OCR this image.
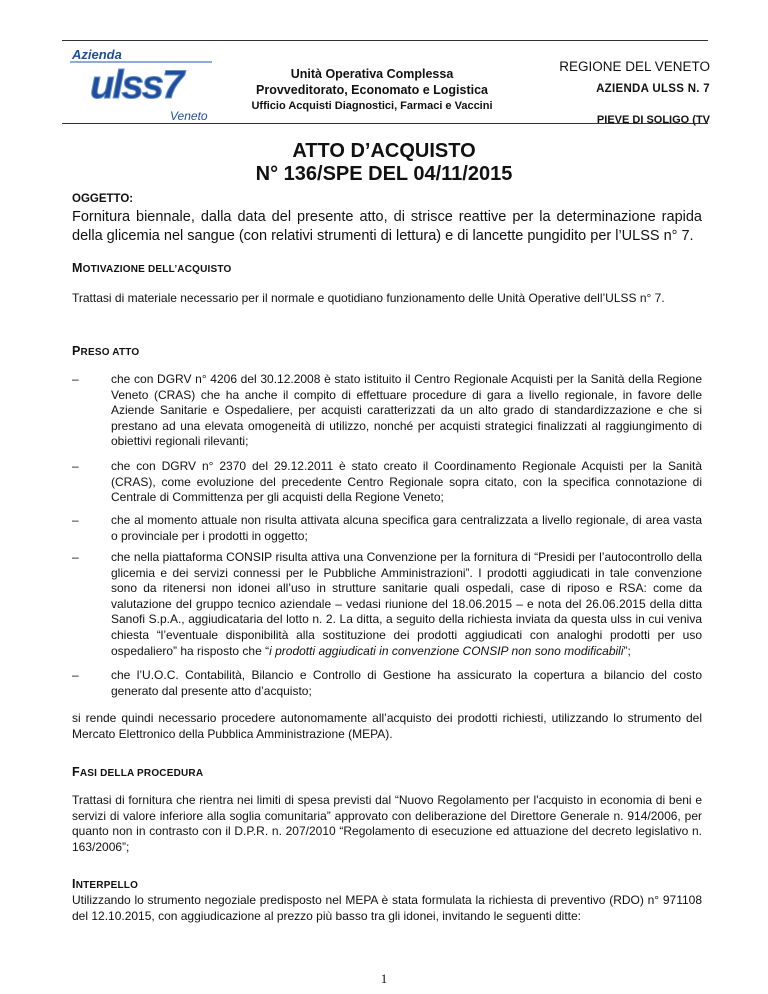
Azienda
ulss7
Veneto
Unità Operativa Complessa
Provveditorato, Economato e Logistica
Ufficio Acquisti Diagnostici, Farmaci e Vaccini
REGIONE DEL VENETO
AZIENDA ULSS N. 7
PIEVE DI SOLIGO (TV
ATTO D’ACQUISTO
N° 136/SPE DEL 04/11/2015
OGGETTO:
Fornitura biennale, dalla data del presente atto, di strisce reattive per la determinazione rapida della glicemia nel sangue (con relativi strumenti di lettura) e di lancette pungidito per l’ULSS n° 7.
MOTIVAZIONE DELL’ACQUISTO
Trattasi di materiale necessario per il normale e quotidiano funzionamento delle Unità Operative dell’ULSS n° 7.
PRESO ATTO
–	che con DGRV n° 4206 del 30.12.2008 è stato istituito il Centro Regionale Acquisti per la Sanità della Regione Veneto (CRAS) che ha anche il compito di effettuare procedure di gara a livello regionale, in favore delle Aziende Sanitarie e Ospedaliere, per acquisti caratterizzati da un alto grado di standardizzazione e che si prestano ad una elevata omogeneità di utilizzo, nonché per acquisti strategici finalizzati al raggiungimento di obiettivi regionali rilevanti;
–	che con DGRV n° 2370 del 29.12.2011 è stato creato il Coordinamento Regionale Acquisti per la Sanità (CRAS), come evoluzione del precedente Centro Regionale sopra citato, con la specifica connotazione di Centrale di Committenza per gli acquisti della Regione Veneto;
–	che al momento attuale non risulta attivata alcuna specifica gara centralizzata a livello regionale, di area vasta o provinciale per i prodotti in oggetto;
–	che nella piattaforma CONSIP risulta attiva una Convenzione per la fornitura di “Presidi per l’autocontrollo della glicemia e dei servizi connessi per le Pubbliche Amministrazioni”. I prodotti aggiudicati in tale convenzione sono da ritenersi non idonei all’uso in strutture sanitarie quali ospedali, case di riposo e RSA: come da valutazione del gruppo tecnico aziendale – vedasi riunione del 18.06.2015 – e nota del 26.06.2015 della ditta Sanofi S.p.A., aggiudicataria del lotto n. 2. La ditta, a seguito della richiesta inviata da questa ulss in cui veniva chiesta “l’eventuale disponibilità alla sostituzione dei prodotti aggiudicati con analoghi prodotti per uso ospedaliero” ha risposto che “i prodotti aggiudicati in convenzione CONSIP non sono modificabili”;
–	che l’U.O.C. Contabilità, Bilancio e Controllo di Gestione ha assicurato la copertura a bilancio del costo generato dal presente atto d’acquisto;
si rende quindi necessario procedere autonomamente all’acquisto dei prodotti richiesti, utilizzando lo strumento del Mercato Elettronico della Pubblica Amministrazione (MEPA).
FASI DELLA PROCEDURA
Trattasi di fornitura che rientra nei limiti di spesa previsti dal “Nuovo Regolamento per l'acquisto in economia di beni e servizi di valore inferiore alla soglia comunitaria” approvato con deliberazione del Direttore Generale n. 914/2006, per quanto non in contrasto con il D.P.R. n. 207/2010 “Regolamento di esecuzione ed attuazione del decreto legislativo n. 163/2006”;
INTERPELLO
Utilizzando lo strumento negoziale predisposto nel MEPA è stata formulata la richiesta di preventivo (RDO) n° 971108 del 12.10.2015, con aggiudicazione al prezzo più basso tra gli idonei, invitando le seguenti ditte:
1
